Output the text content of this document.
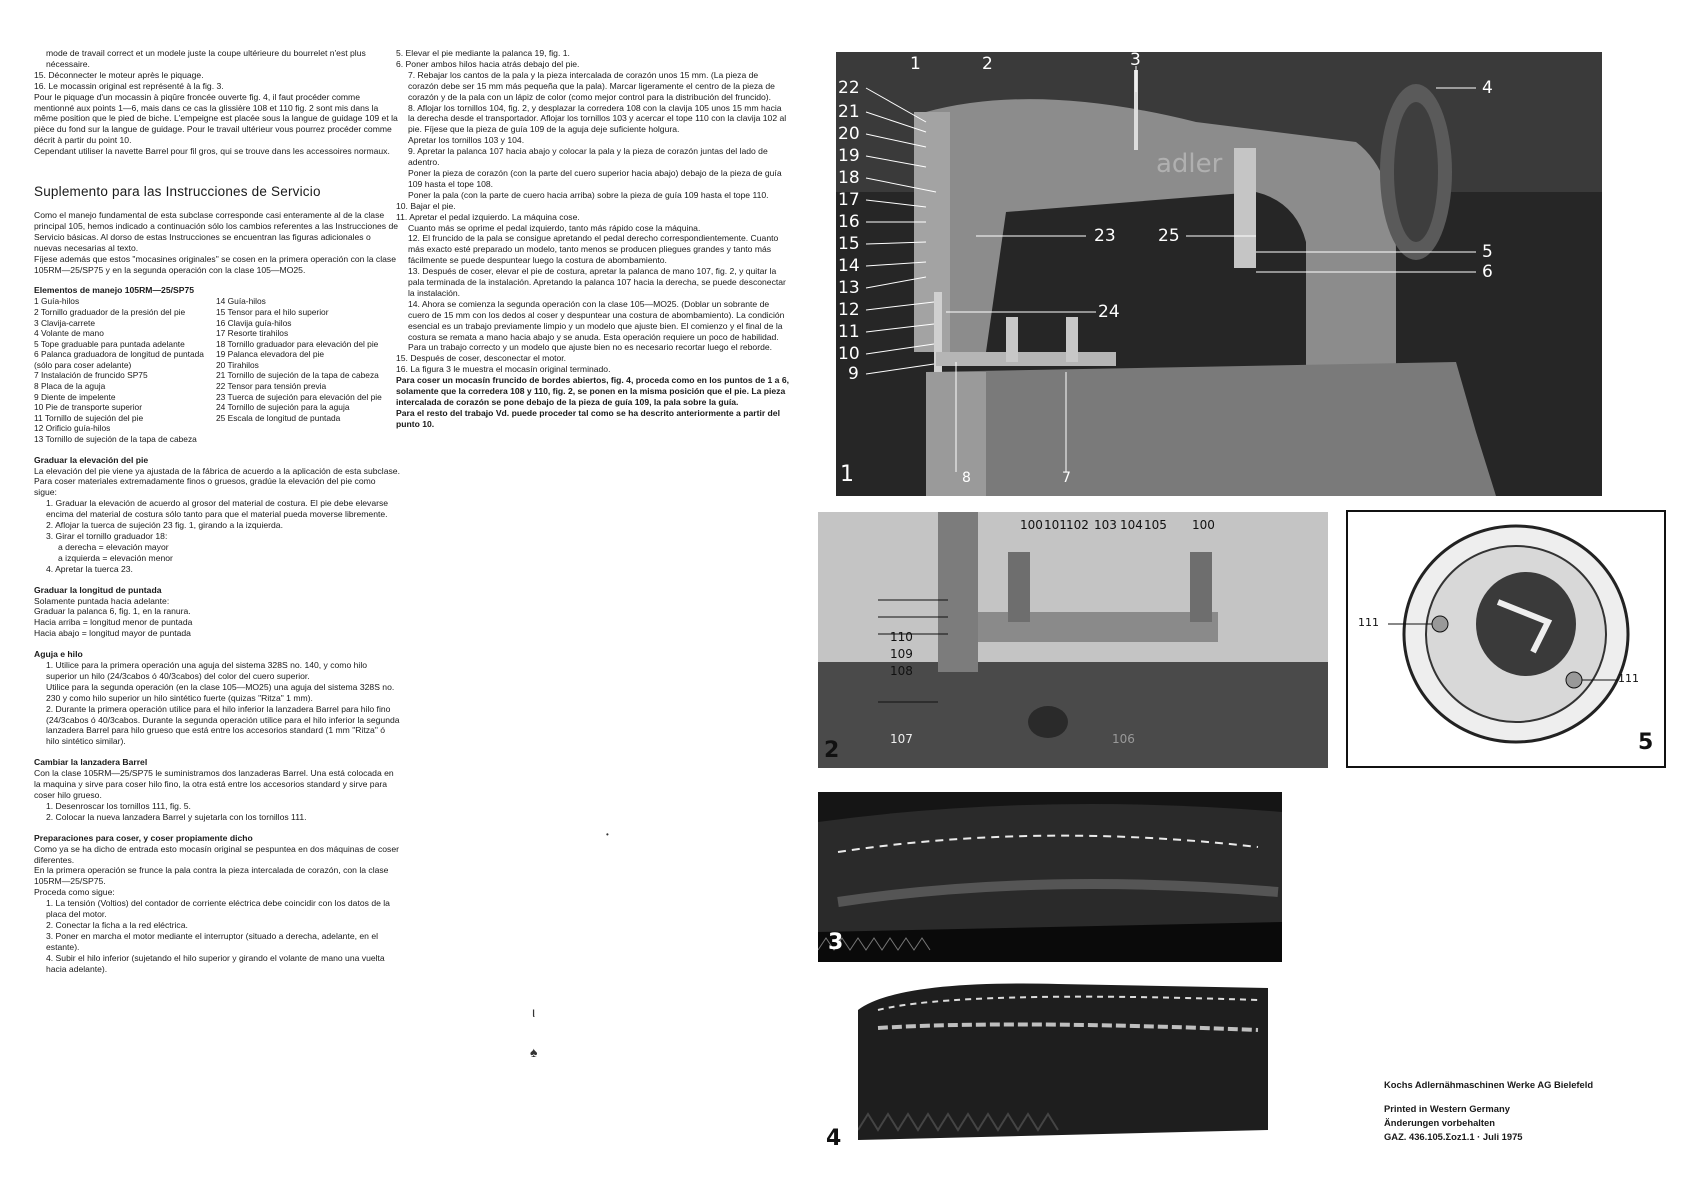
mode de travail correct et un modele juste la coupe ultérieure du bourrelet n'est plus nécessaire.

15. Déconnecter le moteur après le piquage.

16. Le mocassin original est représenté à la fig. 3.

Pour le piquage d'un mocassin à piqûre froncée ouverte fig. 4, il faut procéder comme mentionné aux points 1—6, mais dans ce cas la glissière 108 et 110 fig. 2 sont mis dans la même position que le pied de biche. L'empeigne est placée sous la langue de guidage 109 et la pièce du fond sur la langue de guidage. Pour le travail ultérieur vous pourrez procéder comme décrit à partir du point 10.

Cependant utiliser la navette Barrel pour fil gros, qui se trouve dans les accessoires normaux.

Suplemento para las Instrucciones de Servicio

Como el manejo fundamental de esta subclase corresponde casi enteramente al de la clase principal 105, hemos indicado a continuación sólo los cambios referentes a las Instrucciones de Servicio básicas. Al dorso de estas Instrucciones se encuentran las figuras adicionales o nuevas necesarias al texto.

Fíjese además que estos "mocasines originales" se cosen en la primera operación con la clase 105RM—25/SP75 y en la segunda operación con la clase 105—MO25.

Elementos de manejo 105RM—25/SP75
1 Guía-hilos
2 Tornillo graduador de la presión del pie
3 Clavija-carrete
4 Volante de mano
5 Tope graduable para puntada adelante
6 Palanca graduadora de longitud de puntada (sólo para coser adelante)
7 Instalación de fruncido SP75
8 Placa de la aguja
9 Diente de impelente
10 Pie de transporte superior
11 Tornillo de sujeción del pie
12 Orificio guía-hilos
13 Tornillo de sujeción de la tapa de cabeza
14 Guía-hilos
15 Tensor para el hilo superior
16 Clavija guía-hilos
17 Resorte tirahilos
18 Tornillo graduador para elevación del pie
19 Palanca elevadora del pie
20 Tirahilos
21 Tornillo de sujeción de la tapa de cabeza
22 Tensor para tensión previa
23 Tuerca de sujeción para elevación del pie
24 Tornillo de sujeción para la aguja
25 Escala de longitud de puntada
Graduar la elevación del pie

La elevación del pie viene ya ajustada de la fábrica de acuerdo a la aplicación de esta subclase. Para coser materiales extremadamente finos o gruesos, gradúe la elevación del pie como sigue:

1. Graduar la elevación de acuerdo al grosor del material de costura. El pie debe elevarse encima del material de costura sólo tanto para que el material pueda moverse libremente.

2. Aflojar la tuerca de sujeción 23 fig. 1, girando a la izquierda.

3. Girar el tornillo graduador 18:

a derecha = elevación mayor

a izquierda = elevación menor

4. Apretar la tuerca 23.

Graduar la longitud de puntada

Solamente puntada hacia adelante:

Graduar la palanca 6, fig. 1, en la ranura.

Hacia arriba = longitud menor de puntada

Hacia abajo = longitud mayor de puntada

Aguja e hilo

1. Utilice para la primera operación una aguja del sistema 328S no. 140, y como hilo superior un hilo (24/3cabos ó 40/3cabos) del color del cuero superior.

Utilice para la segunda operación (en la clase 105—MO25) una aguja del sistema 328S no. 230 y como hilo superior un hilo sintético fuerte (quizas "Ritza" 1 mm).

2. Durante la primera operación utilice para el hilo inferior la lanzadera Barrel para hilo fino (24/3cabos ó 40/3cabos. Durante la segunda operación utilice para el hilo inferior la segunda lanzadera Barrel para hilo grueso que está entre los accesorios standard (1 mm "Ritza" ó hilo sintético similar).

Cambiar la lanzadera Barrel

Con la clase 105RM—25/SP75 le suministramos dos lanzaderas Barrel. Una está colocada en la maquina y sirve para coser hilo fino, la otra está entre los accesorios standard y sirve para coser hilo grueso.

1. Desenroscar los tornillos 111, fig. 5.

2. Colocar la nueva lanzadera Barrel y sujetarla con los tornillos 111.

Preparaciones para coser, y coser propiamente dicho

Como ya se ha dicho de entrada esto mocasín original se pespuntea en dos máquinas de coser diferentes.

En la primera operación se frunce la pala contra la pieza intercalada de corazón, con la clase 105RM—25/SP75.

Proceda como sigue:

1. La tensión (Voltios) del contador de corriente eléctrica debe coincidir con los datos de la placa del motor.

2. Conectar la ficha a la red eléctrica.

3. Poner en marcha el motor mediante el interruptor (situado a derecha, adelante, en el estante).

4. Subir el hilo inferior (sujetando el hilo superior y girando el volante de mano una vuelta hacia adelante).

5. Elevar el pie mediante la palanca 19, fig. 1.

6. Poner ambos hilos hacia atrás debajo del pie.

7. Rebajar los cantos de la pala y la pieza intercalada de corazón unos 15 mm. (La pieza de corazón debe ser 15 mm más pequeña que la pala). Marcar ligeramente el centro de la pieza de corazón y de la pala con un lápiz de color (como mejor control para la distribución del fruncido).

8. Aflojar los tornillos 104, fig. 2, y desplazar la corredera 108 con la clavija 105 unos 15 mm hacia la derecha desde el transportador. Aflojar los tornillos 103 y acercar el tope 110 con la clavija 102 al pie. Fíjese que la pieza de guía 109 de la aguja deje suficiente holgura.

Apretar los tornillos 103 y 104.

9. Apretar la palanca 107 hacia abajo y colocar la pala y la pieza de corazón juntas del lado de adentro.

Poner la pieza de corazón (con la parte del cuero superior hacia abajo) debajo de la pieza de guía 109 hasta el tope 108.

Poner la pala (con la parte de cuero hacia arriba) sobre la pieza de guía 109 hasta el tope 110.

10. Bajar el pie.

11. Apretar el pedal izquierdo. La máquina cose.

Cuanto más se oprime el pedal izquierdo, tanto más rápido cose la máquina.

12. El fruncido de la pala se consigue apretando el pedal derecho correspondientemente. Cuanto más exacto esté preparado un modelo, tanto menos se producen pliegues grandes y tanto más fácilmente se puede despuntear luego la costura de abombamiento.

13. Después de coser, elevar el pie de costura, apretar la palanca de mano 107, fig. 2, y quitar la pala terminada de la instalación. Apretando la palanca 107 hacia la derecha, se puede desconectar la instalación.

14. Ahora se comienza la segunda operación con la clase 105—MO25. (Doblar un sobrante de cuero de 15 mm con los dedos al coser y despuntear una costura de abombamiento). La condición esencial es un trabajo previamente limpio y un modelo que ajuste bien. El comienzo y el final de la costura se remata a mano hacia abajo y se anuda. Esta operación requiere un poco de habilidad. Para un trabajo correcto y un modelo que ajuste bien no es necesario recortar luego el reborde.

15. Después de coser, desconectar el motor.

16. La figura 3 le muestra el mocasín original terminado.

Para coser un mocasín fruncido de bordes abiertos, fig. 4, proceda como en los puntos de 1 a 6, solamente que la corredera 108 y 110, fig. 2, se ponen en la misma posición que el pie. La pieza intercalada de corazón se pone debajo de la pieza de guía 109, la pala sobre la guía.

Para el resto del trabajo Vd. puede proceder tal como se ha descrito anteriormente a partir del punto 10.

adler
22
21
20
19
18
17
16
15
14
13
12
11
10
9
1	2	3
4
5
6
23 25
24
8	7
1
100 101 102 103 104 105 100
110
109
108
107	106
2
111
111
5
3
4
Kochs Adlernähmaschinen Werke AG Bielefeld
Printed in Western Germany
Änderungen vorbehalten
GAZ. 436.105.Σoz1.1 · Juli 1975
ι
♠
•
